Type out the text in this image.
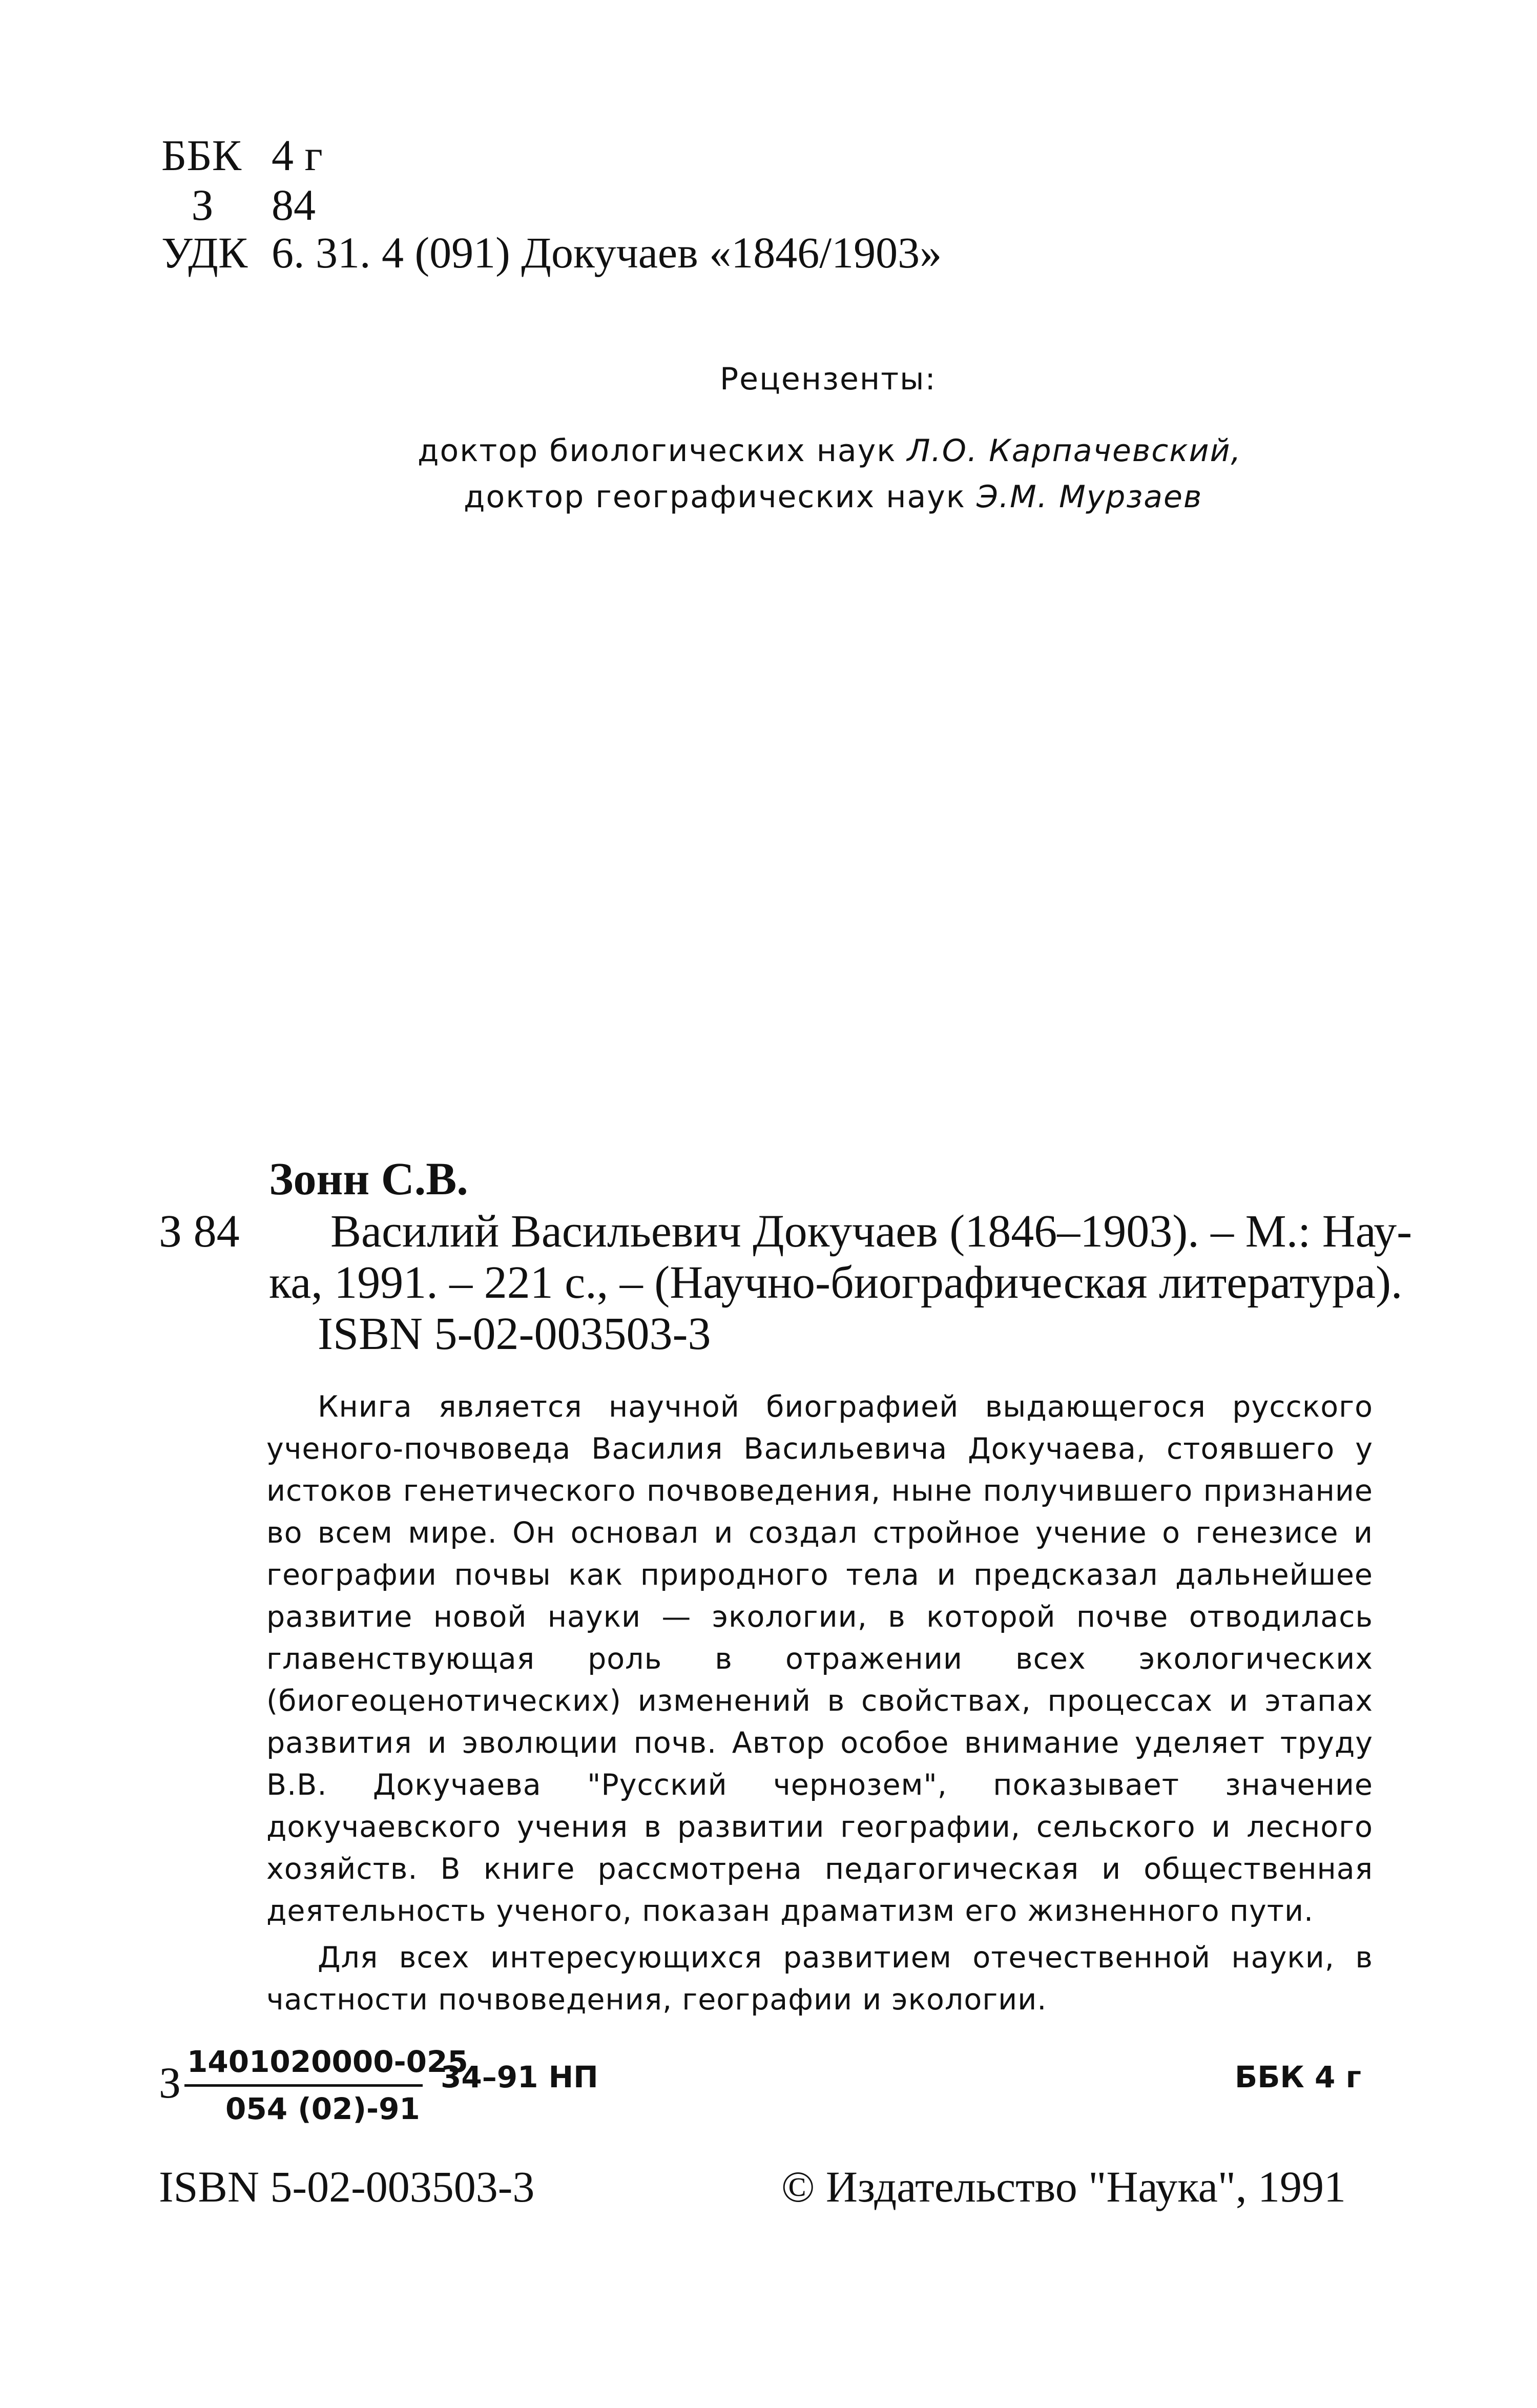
ББК 4 г
З 84
УДК 6. 31. 4 (091) Докучаев «1846/1903»
Рецензенты:
доктор биологических наук Л.О. Карпачевский,
доктор географических наук Э.М. Мурзаев
Зонн С.В.
З 84 Василий Васильевич Докучаев (1846–1903). – М.: Нау-
ка, 1991. – 221 с., – (Научно-биографическая литература).
ISBN 5-02-003503-3

Книга является научной биографией выдающегося русского ученого-почвоведа Василия Васильевича Докучаева, стоявшего у истоков генетического почвоведения, ныне получившего признание во всем мире. Он основал и создал стройное учение о генезисе и географии почвы как природного тела и предсказал дальнейшее развитие новой науки — экологии, в которой почве отводилась главенствующая роль в отражении всех экологических (биогеоценотических) изменений в свойствах, процессах и этапах развития и эволюции почв. Автор особое внимание уделяет труду В.В. Докучаева "Русский чернозем", показывает значение докучаевского учения в развитии географии, сельского и лесного хозяйств. В книге рассмотрена педагогическая и общественная деятельность ученого, показан драматизм его жизненного пути.

Для всех интересующихся развитием отечественной науки, в частности почвоведения, географии и экологии.

З 1401020000-025
054 (02)-91
34–91 НП	ББК 4 г
ISBN 5-02-003503-3	© Издательство "Наука", 1991
